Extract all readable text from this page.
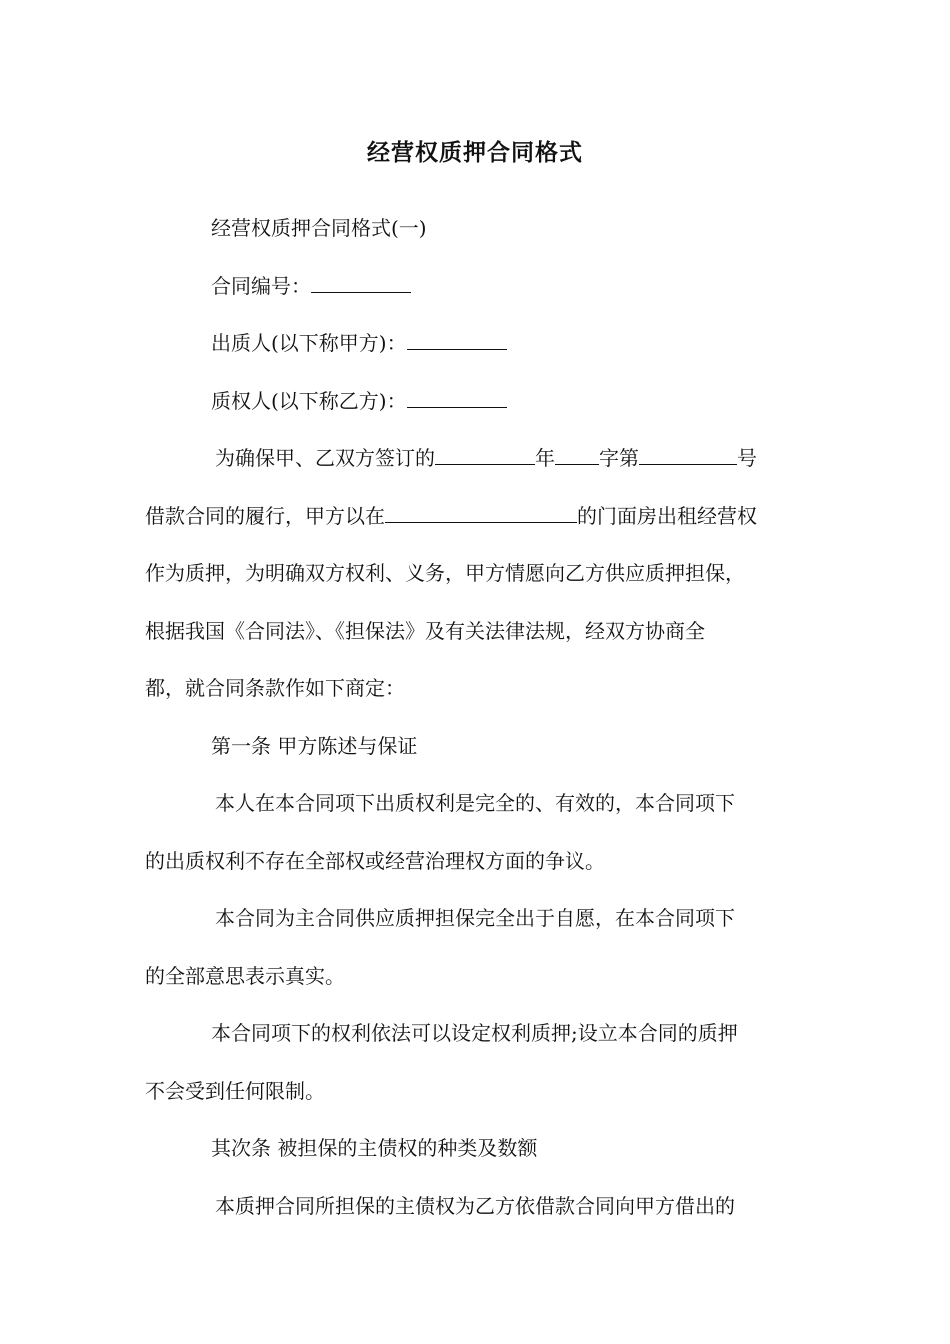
经营权质押合同格式
经营权质押合同格式(一)
合同编号：
出质人(以下称甲方)：
质权人(以下称乙方)：
为确保甲、乙双方签订的	年 字第	号
借款合同的履行，甲方以在	的门面房出租经营权
作为质押，为明确双方权利、义务，甲方情愿向乙方供应质押担保，
根据我国《合同法》、《担保法》及有关法律法规，经双方协商全
都，就合同条款作如下商定：
第一条 甲方陈述与保证
本人在本合同项下出质权利是完全的、有效的，本合同项下
的出质权利不存在全部权或经营治理权方面的争议。
本合同为主合同供应质押担保完全出于自愿，在本合同项下
的全部意思表示真实。
本合同项下的权利依法可以设定权利质押;设立本合同的质押
不会受到任何限制。
其次条 被担保的主债权的种类及数额
本质押合同所担保的主债权为乙方依借款合同向甲方借出的
